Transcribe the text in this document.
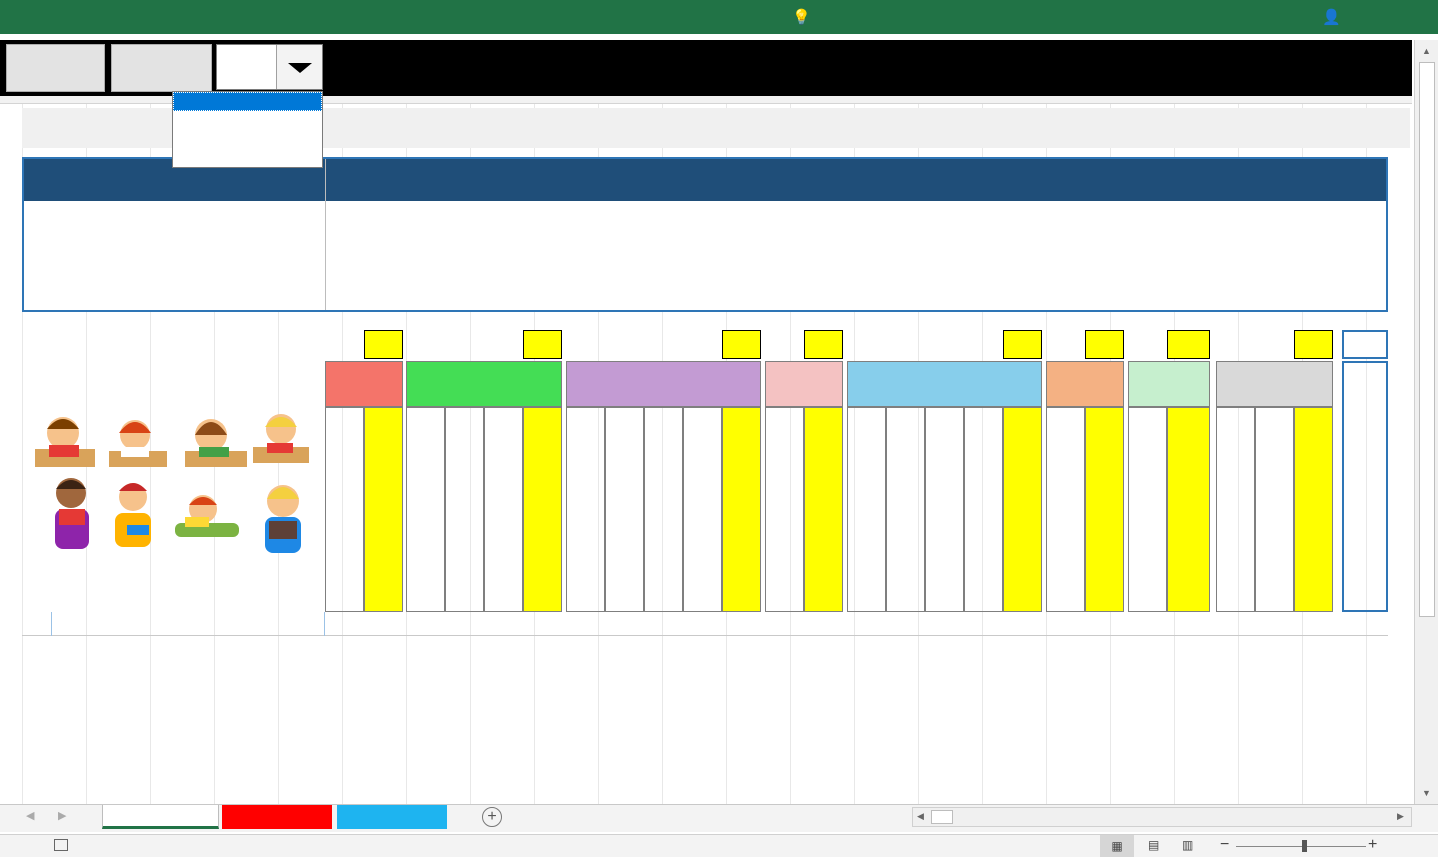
💡	👤
▲
▼
◀ ▶	+	◀	▶
▦	▤ ▥ −	+
